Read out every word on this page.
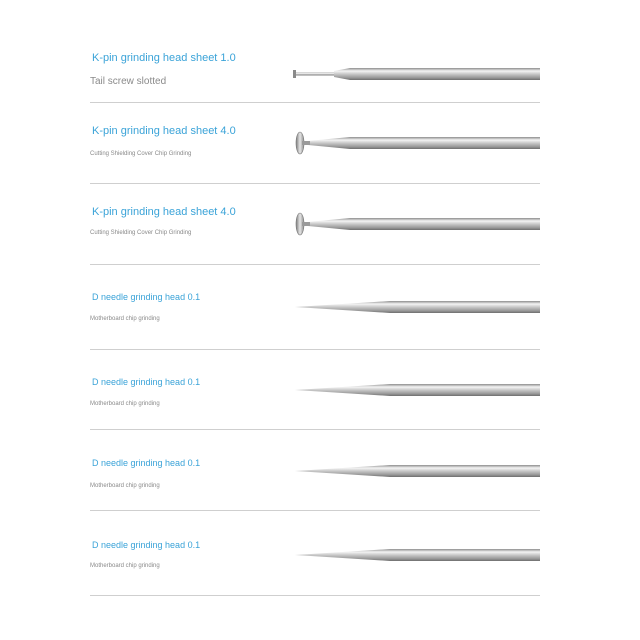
K-pin grinding head sheet 1.0
Tail screw slotted
K-pin grinding head sheet 4.0
Cutting Shielding Cover Chip Grinding
K-pin grinding head sheet 4.0
Cutting Shielding Cover Chip Grinding
D needle grinding head 0.1
Motherboard chip grinding
D needle grinding head 0.1
Motherboard chip grinding
D needle grinding head 0.1
Motherboard chip grinding
D needle grinding head 0.1
Motherboard chip grinding
